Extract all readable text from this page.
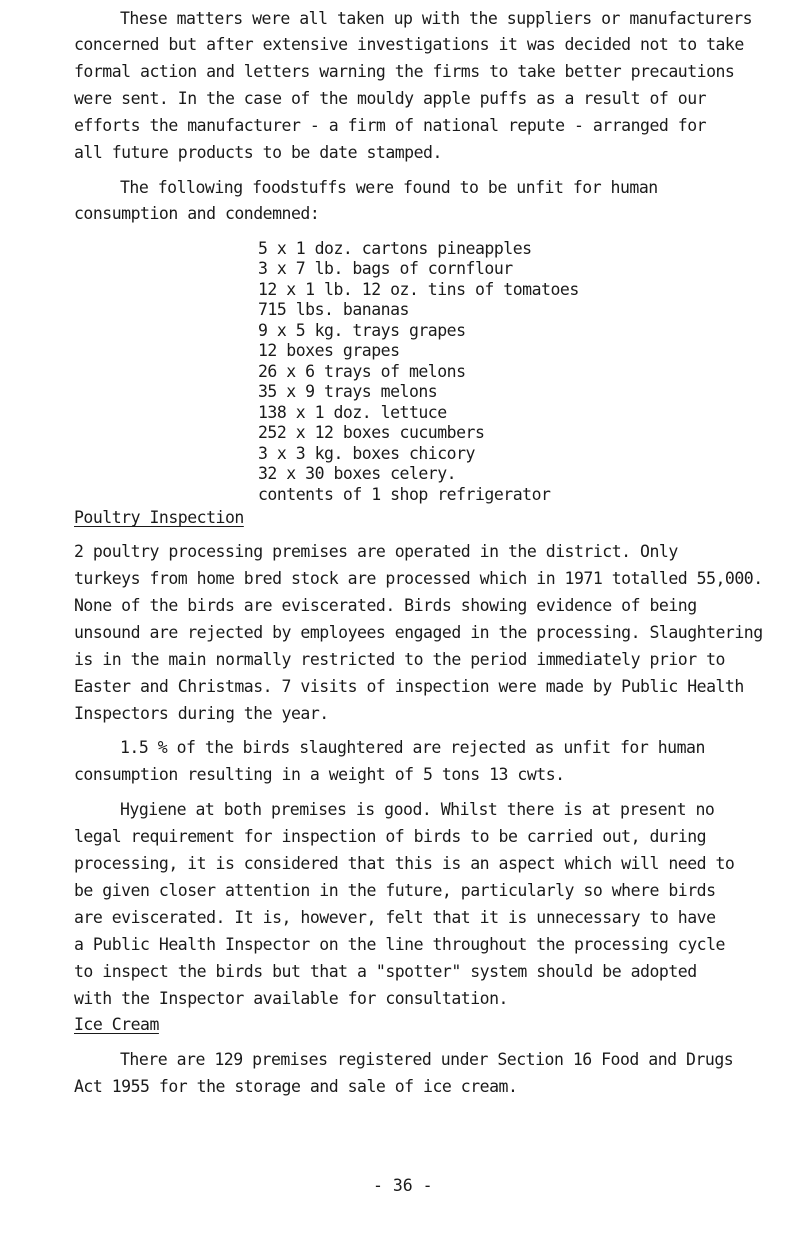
These matters were all taken up with the suppliers or manufacturers
concerned but after extensive investigations it was decided not to take
formal action and letters warning the firms to take better precautions
were sent. In the case of the mouldy apple puffs as a result of our
efforts the manufacturer - a firm of national repute - arranged for
all future products to be date stamped.
The following foodstuffs were found to be unfit for human
consumption and condemned:
5 x 1 doz. cartons pineapples
3 x 7 lb. bags of cornflour
12 x 1 lb. 12 oz. tins of tomatoes
715 lbs. bananas
9 x 5 kg. trays grapes
12 boxes grapes
26 x 6 trays of melons
35 x 9 trays melons
138 x 1 doz. lettuce
252 x 12 boxes cucumbers
3 x 3 kg. boxes chicory
32 x 30 boxes celery.
contents of 1 shop refrigerator
Poultry Inspection
2 poultry processing premises are operated in the district. Only
turkeys from home bred stock are processed which in 1971 totalled 55,000.
None of the birds are eviscerated. Birds showing evidence of being
unsound are rejected by employees engaged in the processing. Slaughtering
is in the main normally restricted to the period immediately prior to
Easter and Christmas. 7 visits of inspection were made by Public Health
Inspectors during the year.
1.5 % of the birds slaughtered are rejected as unfit for human
consumption resulting in a weight of 5 tons 13 cwts.
Hygiene at both premises is good. Whilst there is at present no
legal requirement for inspection of birds to be carried out, during
processing, it is considered that this is an aspect which will need to
be given closer attention in the future, particularly so where birds
are eviscerated. It is, however, felt that it is unnecessary to have
a Public Health Inspector on the line throughout the processing cycle
to inspect the birds but that a "spotter" system should be adopted
with the Inspector available for consultation.
Ice Cream
There are 129 premises registered under Section 16 Food and Drugs
Act 1955 for the storage and sale of ice cream.
- 36 -
